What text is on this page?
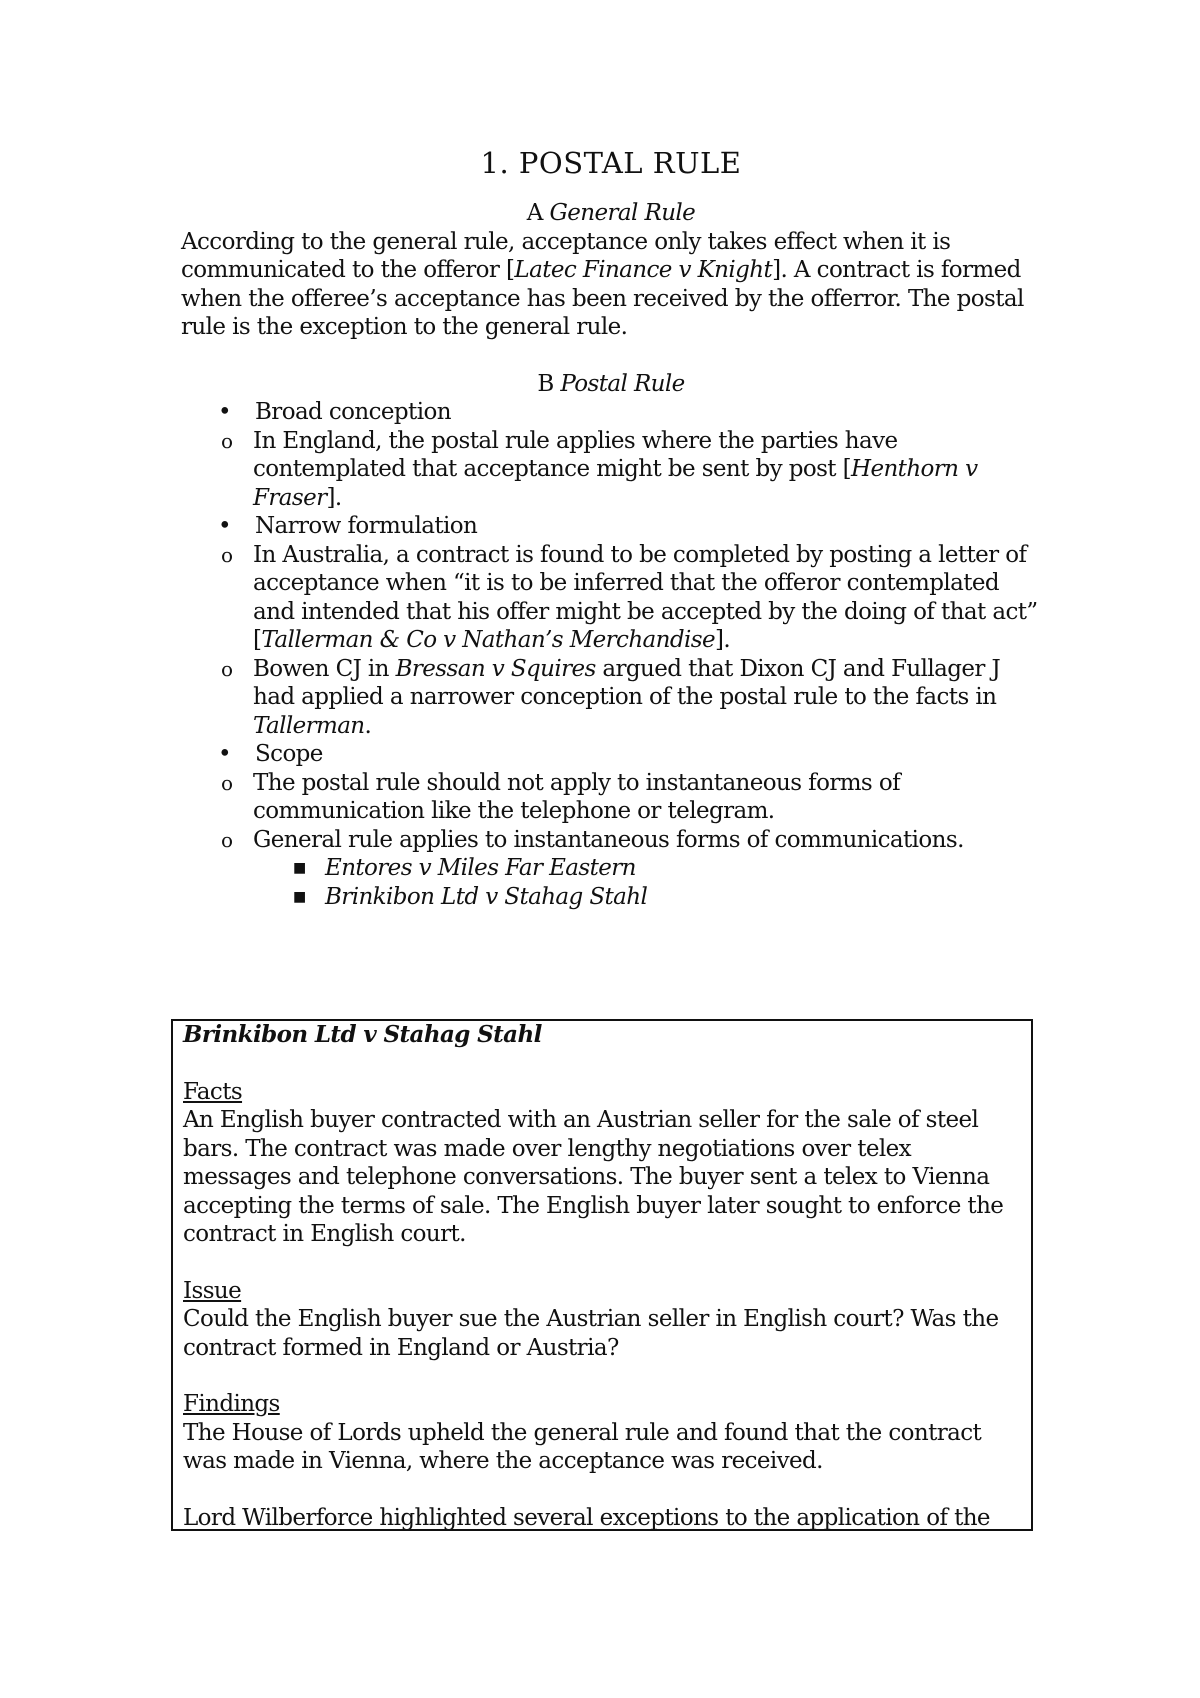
1. POSTAL RULE

A General Rule

According to the general rule, acceptance only takes effect when it is communicated to the offeror [Latec Finance v Knight]. A contract is formed when the offeree’s acceptance has been received by the offerror. The postal rule is the exception to the general rule.

B Postal Rule

• Broad conception
o In England, the postal rule applies where the parties have contemplated that acceptance might be sent by post [Henthorn v Fraser].
• Narrow formulation
o In Australia, a contract is found to be completed by posting a letter of acceptance when “it is to be inferred that the offeror contemplated and intended that his offer might be accepted by the doing of that act” [Tallerman & Co v Nathan’s Merchandise].
o Bowen CJ in Bressan v Squires argued that Dixon CJ and Fullager J had applied a narrower conception of the postal rule to the facts in Tallerman.
• Scope
o The postal rule should not apply to instantaneous forms of communication like the telephone or telegram.
o General rule applies to instantaneous forms of communications.
■ Entores v Miles Far Eastern
■ Brinkibon Ltd v Stahag Stahl

Brinkibon Ltd v Stahag Stahl

Facts

An English buyer contracted with an Austrian seller for the sale of steel bars. The contract was made over lengthy negotiations over telex messages and telephone conversations. The buyer sent a telex to Vienna accepting the terms of sale. The English buyer later sought to enforce the contract in English court.

Issue

Could the English buyer sue the Austrian seller in English court? Was the contract formed in England or Austria?

Findings

The House of Lords upheld the general rule and found that the contract was made in Vienna, where the acceptance was received.

Lord Wilberforce highlighted several exceptions to the application of the
